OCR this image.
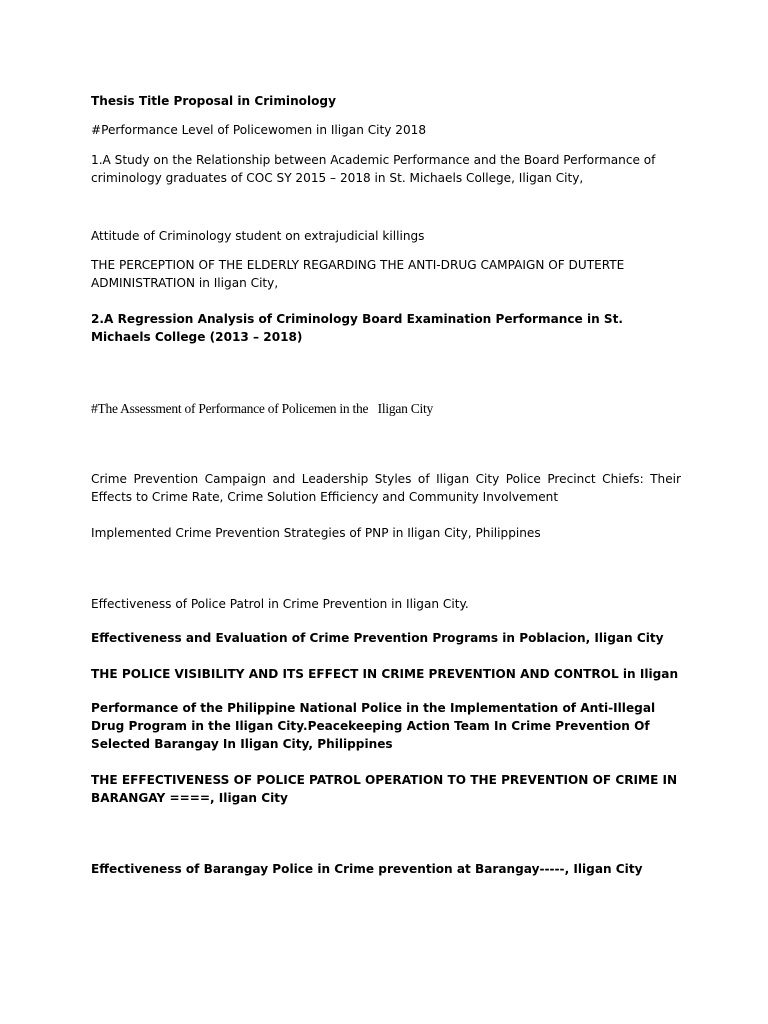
Thesis Title Proposal in Criminology

#Performance Level of Policewomen in Iligan City 2018

1.A Study on the Relationship between Academic Performance and the Board Performance of criminology graduates of COC SY 2015 – 2018 in St. Michaels College, Iligan City,

Attitude of Criminology student on extrajudicial killings

THE PERCEPTION OF THE ELDERLY REGARDING THE ANTI-DRUG CAMPAIGN OF DUTERTE ADMINISTRATION in Iligan City,

2.A Regression Analysis of Criminology Board Examination Performance in St. Michaels College (2013 – 2018)

#The Assessment of Performance of Policemen in the   Iligan City

Crime Prevention Campaign and Leadership Styles of Iligan City Police Precinct Chiefs: Their Effects to Crime Rate, Crime Solution Efficiency and Community Involvement

Implemented Crime Prevention Strategies of PNP in Iligan City, Philippines

Effectiveness of Police Patrol in Crime Prevention in Iligan City.

Effectiveness and Evaluation of Crime Prevention Programs in Poblacion, Iligan City

THE POLICE VISIBILITY AND ITS EFFECT IN CRIME PREVENTION AND CONTROL in Iligan

Performance of the Philippine National Police in the Implementation of Anti-Illegal Drug Program in the Iligan City.Peacekeeping Action Team In Crime Prevention Of Selected Barangay In Iligan City, Philippines

THE EFFECTIVENESS OF POLICE PATROL OPERATION TO THE PREVENTION OF CRIME IN BARANGAY ====, Iligan City

Effectiveness of Barangay Police in Crime prevention at Barangay-----, Iligan City
